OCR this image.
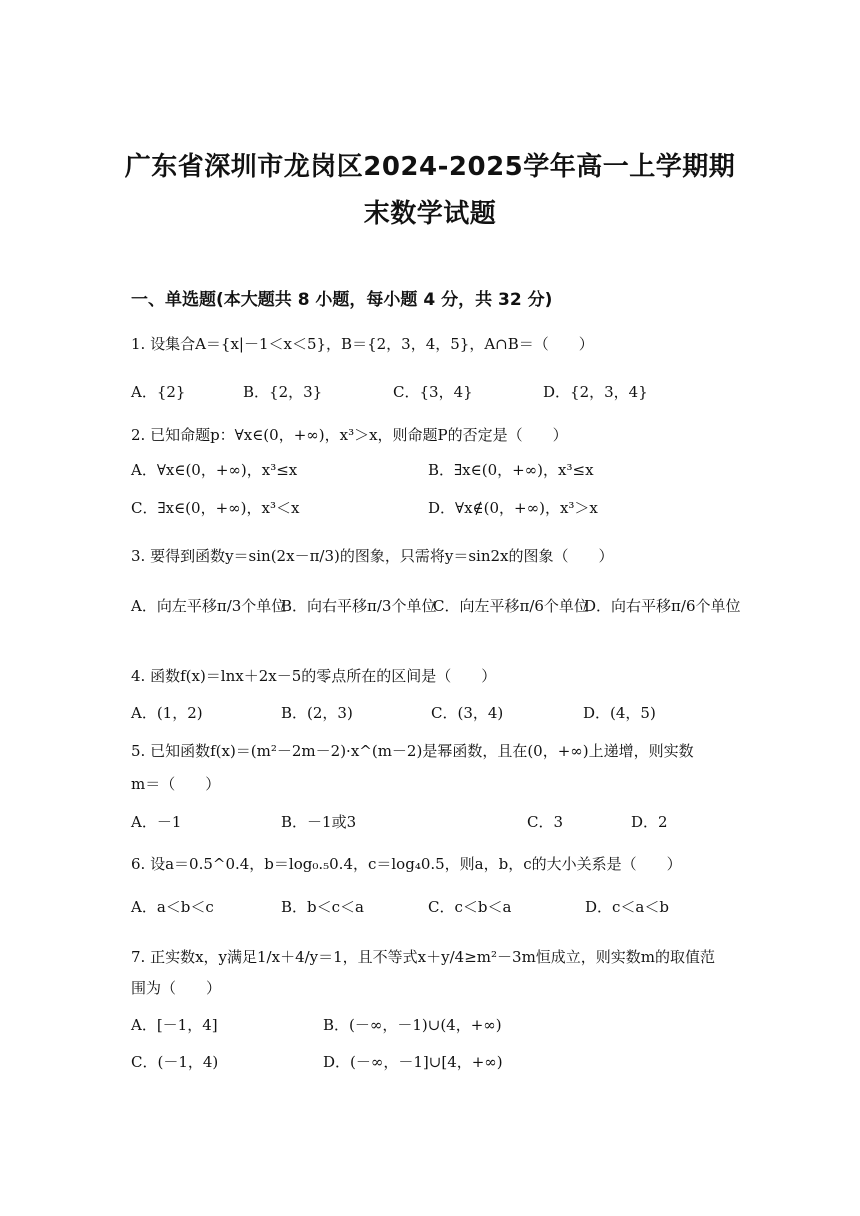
广东省深圳市龙岗区2024-2025学年高一上学期期
末数学试题
一、单选题(本大题共 8 小题，每小题 4 分，共 32 分)
1. 设集合A＝{x|－1＜x＜5}，B＝{2，3，4，5}，A∩B＝（　　）
A．{2}	B．{2，3}	C．{3，4}	D．{2，3，4}
2. 已知命题p：∀x∈(0，+∞)，x³＞x，则命题P的否定是（　　）
A．∀x∈(0，+∞)，x³≤x	B．∃x∈(0，+∞)，x³≤x
C．∃x∈(0，+∞)，x³＜x	D．∀x∉(0，+∞)，x³＞x
3. 要得到函数y＝sin(2x－π/3)的图象，只需将y＝sin2x的图象（　　）
A．向左平移π/3个单位
B．向右平移π/3个单位
C．向左平移π/6个单位
D．向右平移π/6个单位
4. 函数f(x)＝lnx＋2x－5的零点所在的区间是（　　）
A．(1，2)	B．(2，3)	C．(3，4)	D．(4，5)
5. 已知函数f(x)＝(m²－2m－2)·x^(m－2)是幂函数，且在(0，+∞)上递增，则实数
m＝（　　）
A．－1	B．－1或3	C．3	D．2
6. 设a＝0.5^0.4，b＝log₀.₅0.4，c＝log₄0.5，则a，b，c的大小关系是（　　）
A．a＜b＜c	B．b＜c＜a	C．c＜b＜a	D．c＜a＜b
7. 正实数x，y满足1/x＋4/y＝1，且不等式x＋y/4≥m²－3m恒成立，则实数m的取值范
围为（　　）
A．[－1，4]	B．(－∞，－1)∪(4，+∞)
C．(－1，4)	D．(－∞，－1]∪[4，+∞)
